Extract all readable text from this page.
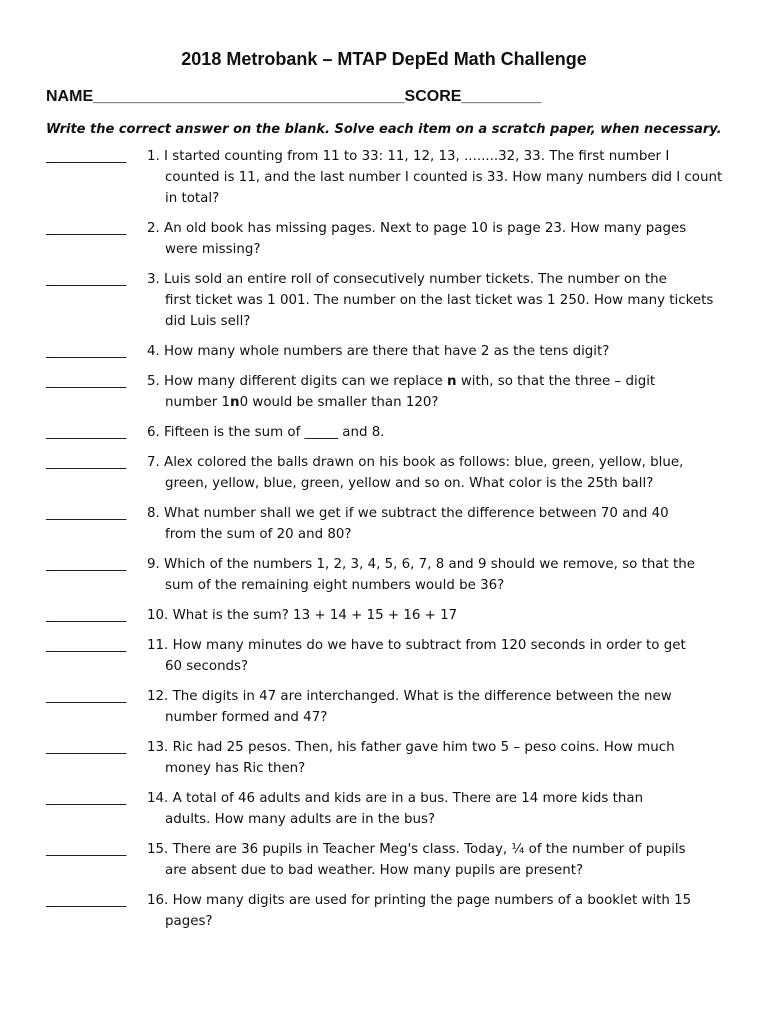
2018 Metrobank – MTAP DepEd Math Challenge
NAME___________________________________SCORE_________
Write the correct answer on the blank. Solve each item on a scratch paper, when necessary.
____________ 1. I started counting from 11 to 33: 11, 12, 13, ........32, 33. The first number I
counted is 11, and the last number I counted is 33. How many numbers did I count in total?
____________ 2. An old book has missing pages. Next to page 10 is page 23. How many pages
were missing?
____________ 3. Luis sold an entire roll of consecutively number tickets. The number on the
first ticket was 1 001. The number on the last ticket was 1 250. How many tickets did Luis sell?
____________ 4. How many whole numbers are there that have 2 as the tens digit?
____________ 5. How many different digits can we replace n with, so that the three – digit
number 1n0 would be smaller than 120?
____________ 6. Fifteen is the sum of _____ and 8.
____________ 7. Alex colored the balls drawn on his book as follows: blue, green, yellow, blue,
green, yellow, blue, green, yellow and so on. What color is the 25th ball?
____________ 8. What number shall we get if we subtract the difference between 70 and 40
from the sum of 20 and 80?
____________ 9. Which of the numbers 1, 2, 3, 4, 5, 6, 7, 8 and 9 should we remove, so that the
sum of the remaining eight numbers would be 36?
____________ 10. What is the sum? 13 + 14 + 15 + 16 + 17
____________ 11. How many minutes do we have to subtract from 120 seconds in order to get
60 seconds?
____________ 12. The digits in 47 are interchanged. What is the difference between the new
number formed and 47?
____________ 13. Ric had 25 pesos. Then, his father gave him two 5 – peso coins. How much
money has Ric then?
____________ 14. A total of 46 adults and kids are in a bus. There are 14 more kids than
adults. How many adults are in the bus?
____________ 15. There are 36 pupils in Teacher Meg's class. Today, ¼ of the number of pupils
are absent due to bad weather. How many pupils are present?
____________ 16. How many digits are used for printing the page numbers of a booklet with 15
pages?
